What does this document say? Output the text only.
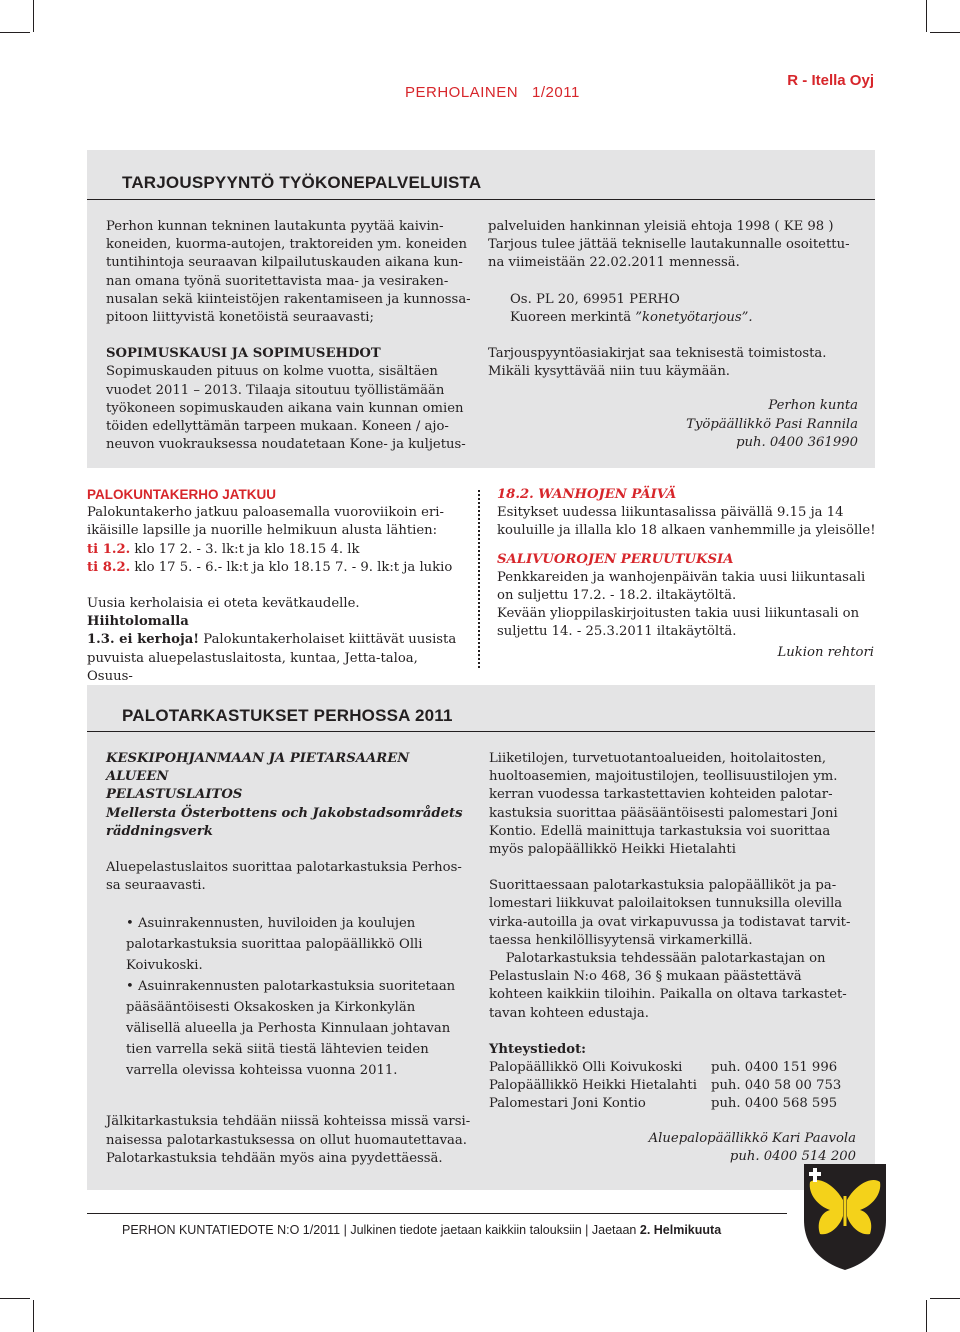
PERHOLAINEN 1/2011
R - Itella Oyj
TARJOUSPYYNTÖ TYÖKONEPALVELUISTA

Perhon kunnan tekninen lautakunta pyytää kaivin-

koneiden, kuorma-autojen, traktoreiden ym. koneiden

tuntihintoja seuraavan kilpailutuskauden aikana kun-

nan omana työnä suoritettavista maa- ja vesiraken-

nusalan sekä kiinteistöjen rakentamiseen ja kunnossa-

pitoon liittyvistä konetöistä seuraavasti;

SOPIMUSKAUSI JA SOPIMUSEHDOT

Sopimuskauden pituus on kolme vuotta, sisältäen

vuodet 2011 – 2013. Tilaaja sitoutuu työllistämään

työkoneen sopimuskauden aikana vain kunnan omien

töiden edellyttämän tarpeen mukaan. Koneen / ajo-

neuvon vuokrauksessa noudatetaan Kone- ja kuljetus-

palveluiden hankinnan yleisiä ehtoja 1998 ( KE 98 )

Tarjous tulee jättää tekniselle lautakunnalle osoitettu-

na viimeistään 22.02.2011 mennessä.

Os. PL 20, 69951 PERHO

Kuoreen merkintä ”konetyötarjous”.

Tarjouspyyntöasiakirjat saa teknisestä toimistosta.

Mikäli kysyttävää niin tuu käymään.

Perhon kunta

Työpäällikkö Pasi Rannila

puh. 0400 361990

PALOKUNTAKERHO JATKUU

Palokuntakerho jatkuu paloasemalla vuoroviikoin eri-

ikäisille lapsille ja nuorille helmikuun alusta lähtien:

ti 1.2. klo 17 2. - 3. lk:t ja klo 18.15 4. lk

ti 8.2. klo 17 5. - 6.- lk:t ja klo 18.15 7. - 9. lk:t ja lukio

Uusia kerholaisia ei oteta kevätkaudelle. Hiihtolomalla

1.3. ei kerhoja! Palokuntakerholaiset kiittävät uusista

puvuista aluepelastuslaitosta, kuntaa, Jetta-taloa, Osuus-

18.2. WANHOJEN PÄIVÄ

Esitykset uudessa liikuntasalissa päivällä 9.15 ja 14

kouluille ja illalla klo 18 alkaen vanhemmille ja yleisölle!

SALIVUOROJEN PERUUTUKSIA

Penkkareiden ja wanhojenpäivän takia uusi liikuntasali

on suljettu 17.2. - 18.2. iltakäytöltä.

Kevään ylioppilaskirjoitusten takia uusi liikuntasali on

suljettu 14. - 25.3.2011 iltakäytöltä.

Lukion rehtori
PALOTARKASTUKSET PERHOSSA 2011

KESKIPOHJANMAAN JA PIETARSAAREN ALUEEN

PELASTUSLAITOS

Mellersta Österbottens och Jakobstadsområdets

räddningsverk

Aluepelastuslaitos suorittaa palotarkastuksia Perhos-

sa seuraavasti.

• Asuinrakennusten, huviloiden ja koulujen

palotarkastuksia suorittaa palopäällikkö Olli

Koivukoski.

• Asuinrakennusten palotarkastuksia suoritetaan

pääsääntöisesti Oksakosken ja Kirkonkylän

välisellä alueella ja Perhosta Kinnulaan johtavan

tien varrella sekä siitä tiestä lähtevien teiden

varrella olevissa kohteissa vuonna 2011.

Jälkitarkastuksia tehdään niissä kohteissa missä varsi-

naisessa palotarkastuksessa on ollut huomautettavaa.

Palotarkastuksia tehdään myös aina pyydettäessä.

Liiketilojen, turvetuotantoalueiden, hoitolaitosten,

huoltoasemien, majoitustilojen, teollisuustilojen ym.

kerran vuodessa tarkastettavien kohteiden palotar-

kastuksia suorittaa pääsääntöisesti palomestari Joni

Kontio. Edellä mainittuja tarkastuksia voi suorittaa

myös palopäällikkö Heikki Hietalahti

Suorittaessaan palotarkastuksia palopäälliköt ja pa-

lomestari liikkuvat paloilaitoksen tunnuksilla olevilla

virka-autoilla ja ovat virkapuvussa ja todistavat tarvit-

taessa henkilöllisyytensä virkamerkillä.

Palotarkastuksia tehdessään palotarkastajan on

Pelastuslain N:o 468, 36 § mukaan päästettävä

kohteen kaikkiin tiloihin. Paikalla on oltava tarkastet-

tavan kohteen edustaja.

Yhteystiedot:

Palopäällikkö Olli Koivukoski	puh. 0400 151 996
Palopäällikkö Heikki Hietalahti	puh. 040 58 00 753
Palomestari Joni Kontio	puh. 0400 568 595

Aluepalopäällikkö Kari Paavola

puh. 0400 514 200

PERHON KUNTATIEDOTE N:O 1/2011 | Julkinen tiedote jaetaan kaikkiin talouksiin | Jaetaan 2. Helmikuuta
